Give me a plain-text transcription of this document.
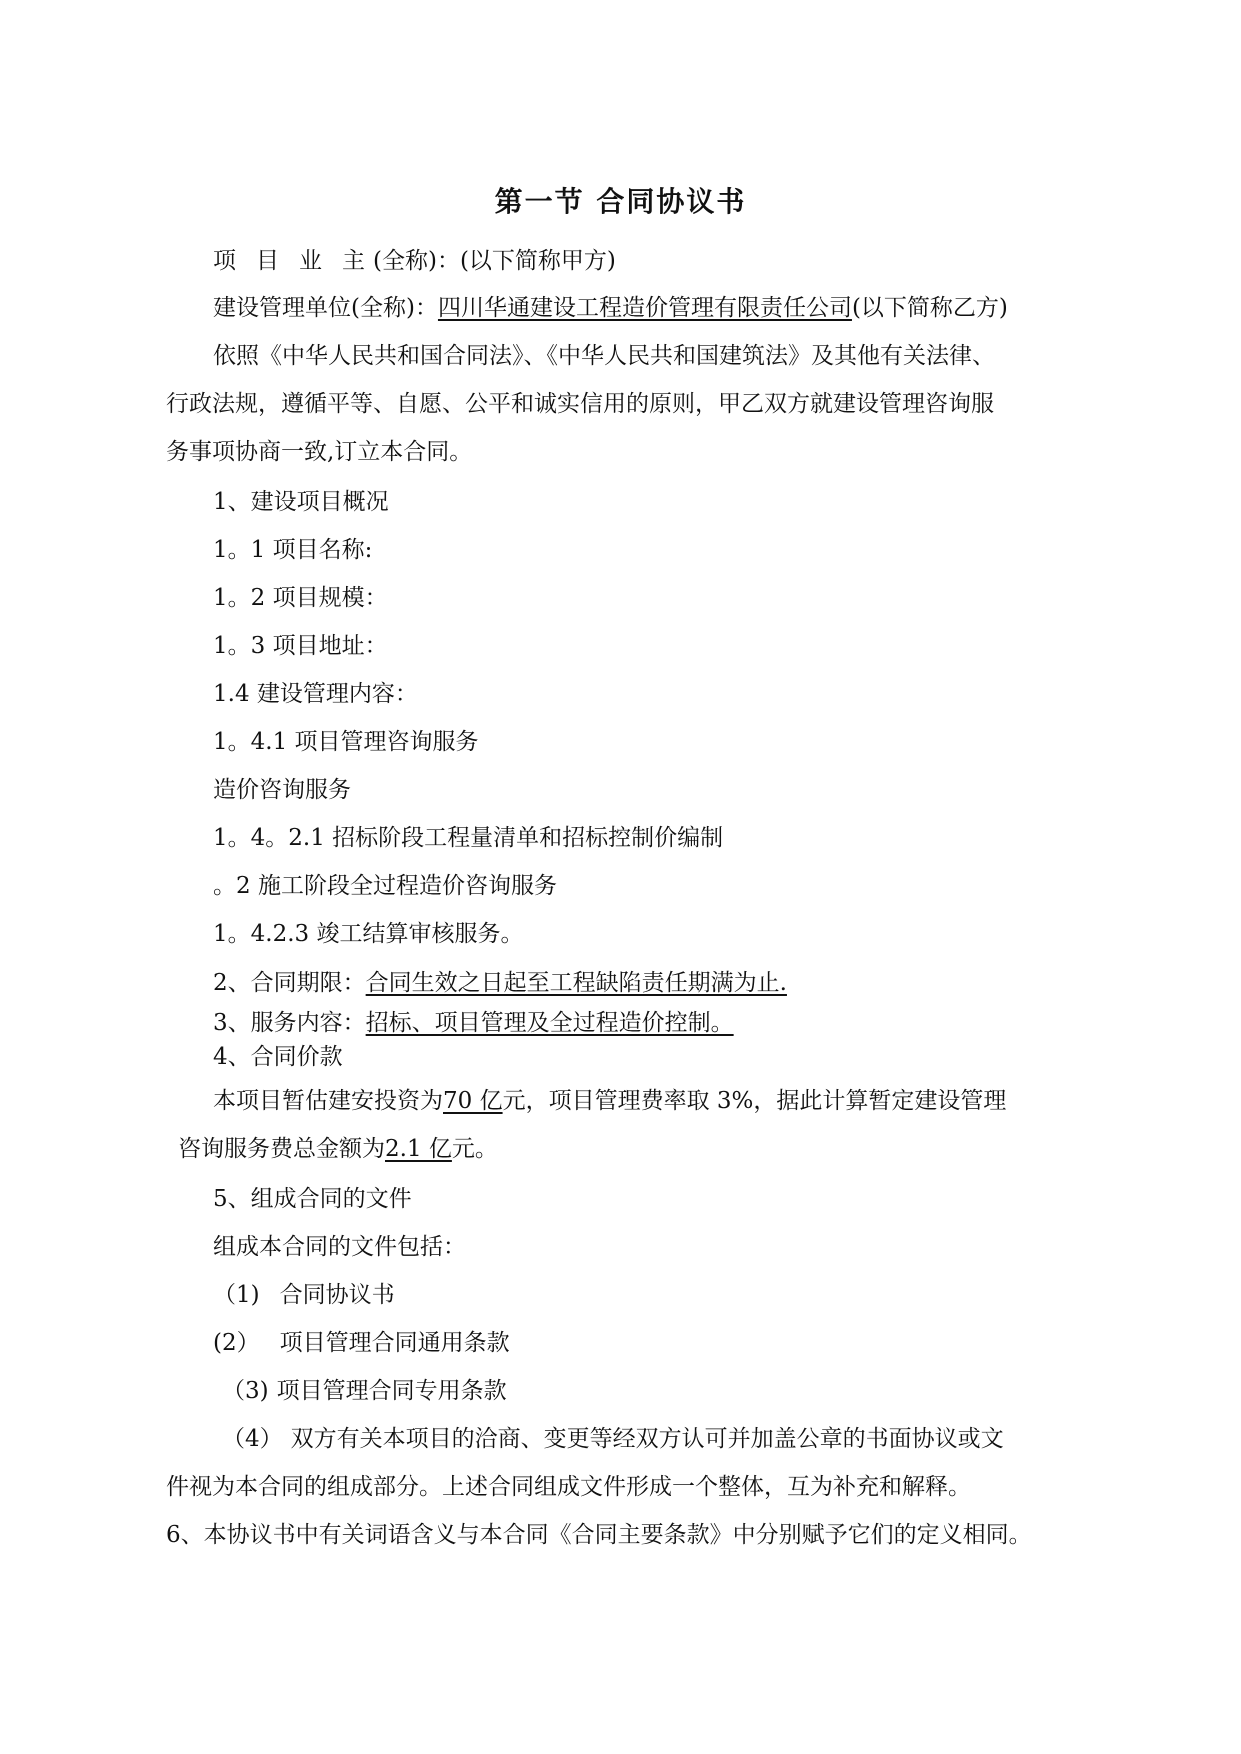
第一节 合同协议书
项 目 业 主 (全称)：(以下简称甲方)
建设管理单位(全称)：四川华通建设工程造价管理有限责任公司(以下简称乙方)
依照《中华人民共和国合同法》、《中华人民共和国建筑法》及其他有关法律、
行政法规，遵循平等、自愿、公平和诚实信用的原则，甲乙双方就建设管理咨询服
务事项协商一致,订立本合同。
1、建设项目概况
1。1 项目名称:
1。2 项目规模：
1。3 项目地址：
1.4 建设管理内容：
1。4.1 项目管理咨询服务
造价咨询服务
1。4。2.1 招标阶段工程量清单和招标控制价编制
。2 施工阶段全过程造价咨询服务
1。4.2.3 竣工结算审核服务。
2、合同期限：合同生效之日起至工程缺陷责任期满为止.
3、服务内容：招标、项目管理及全过程造价控制。
4、合同价款
本项目暂估建安投资为70 亿元，项目管理费率取 3%，据此计算暂定建设管理
咨询服务费总金额为2.1 亿元。
5、组成合同的文件
组成本合同的文件包括：
（1) 合同协议书
(2） 项目管理合同通用条款
（3) 项目管理合同专用条款
（4） 双方有关本项目的洽商、变更等经双方认可并加盖公章的书面协议或文
件视为本合同的组成部分。上述合同组成文件形成一个整体，互为补充和解释。
6、本协议书中有关词语含义与本合同《合同主要条款》中分别赋予它们的定义相同。
